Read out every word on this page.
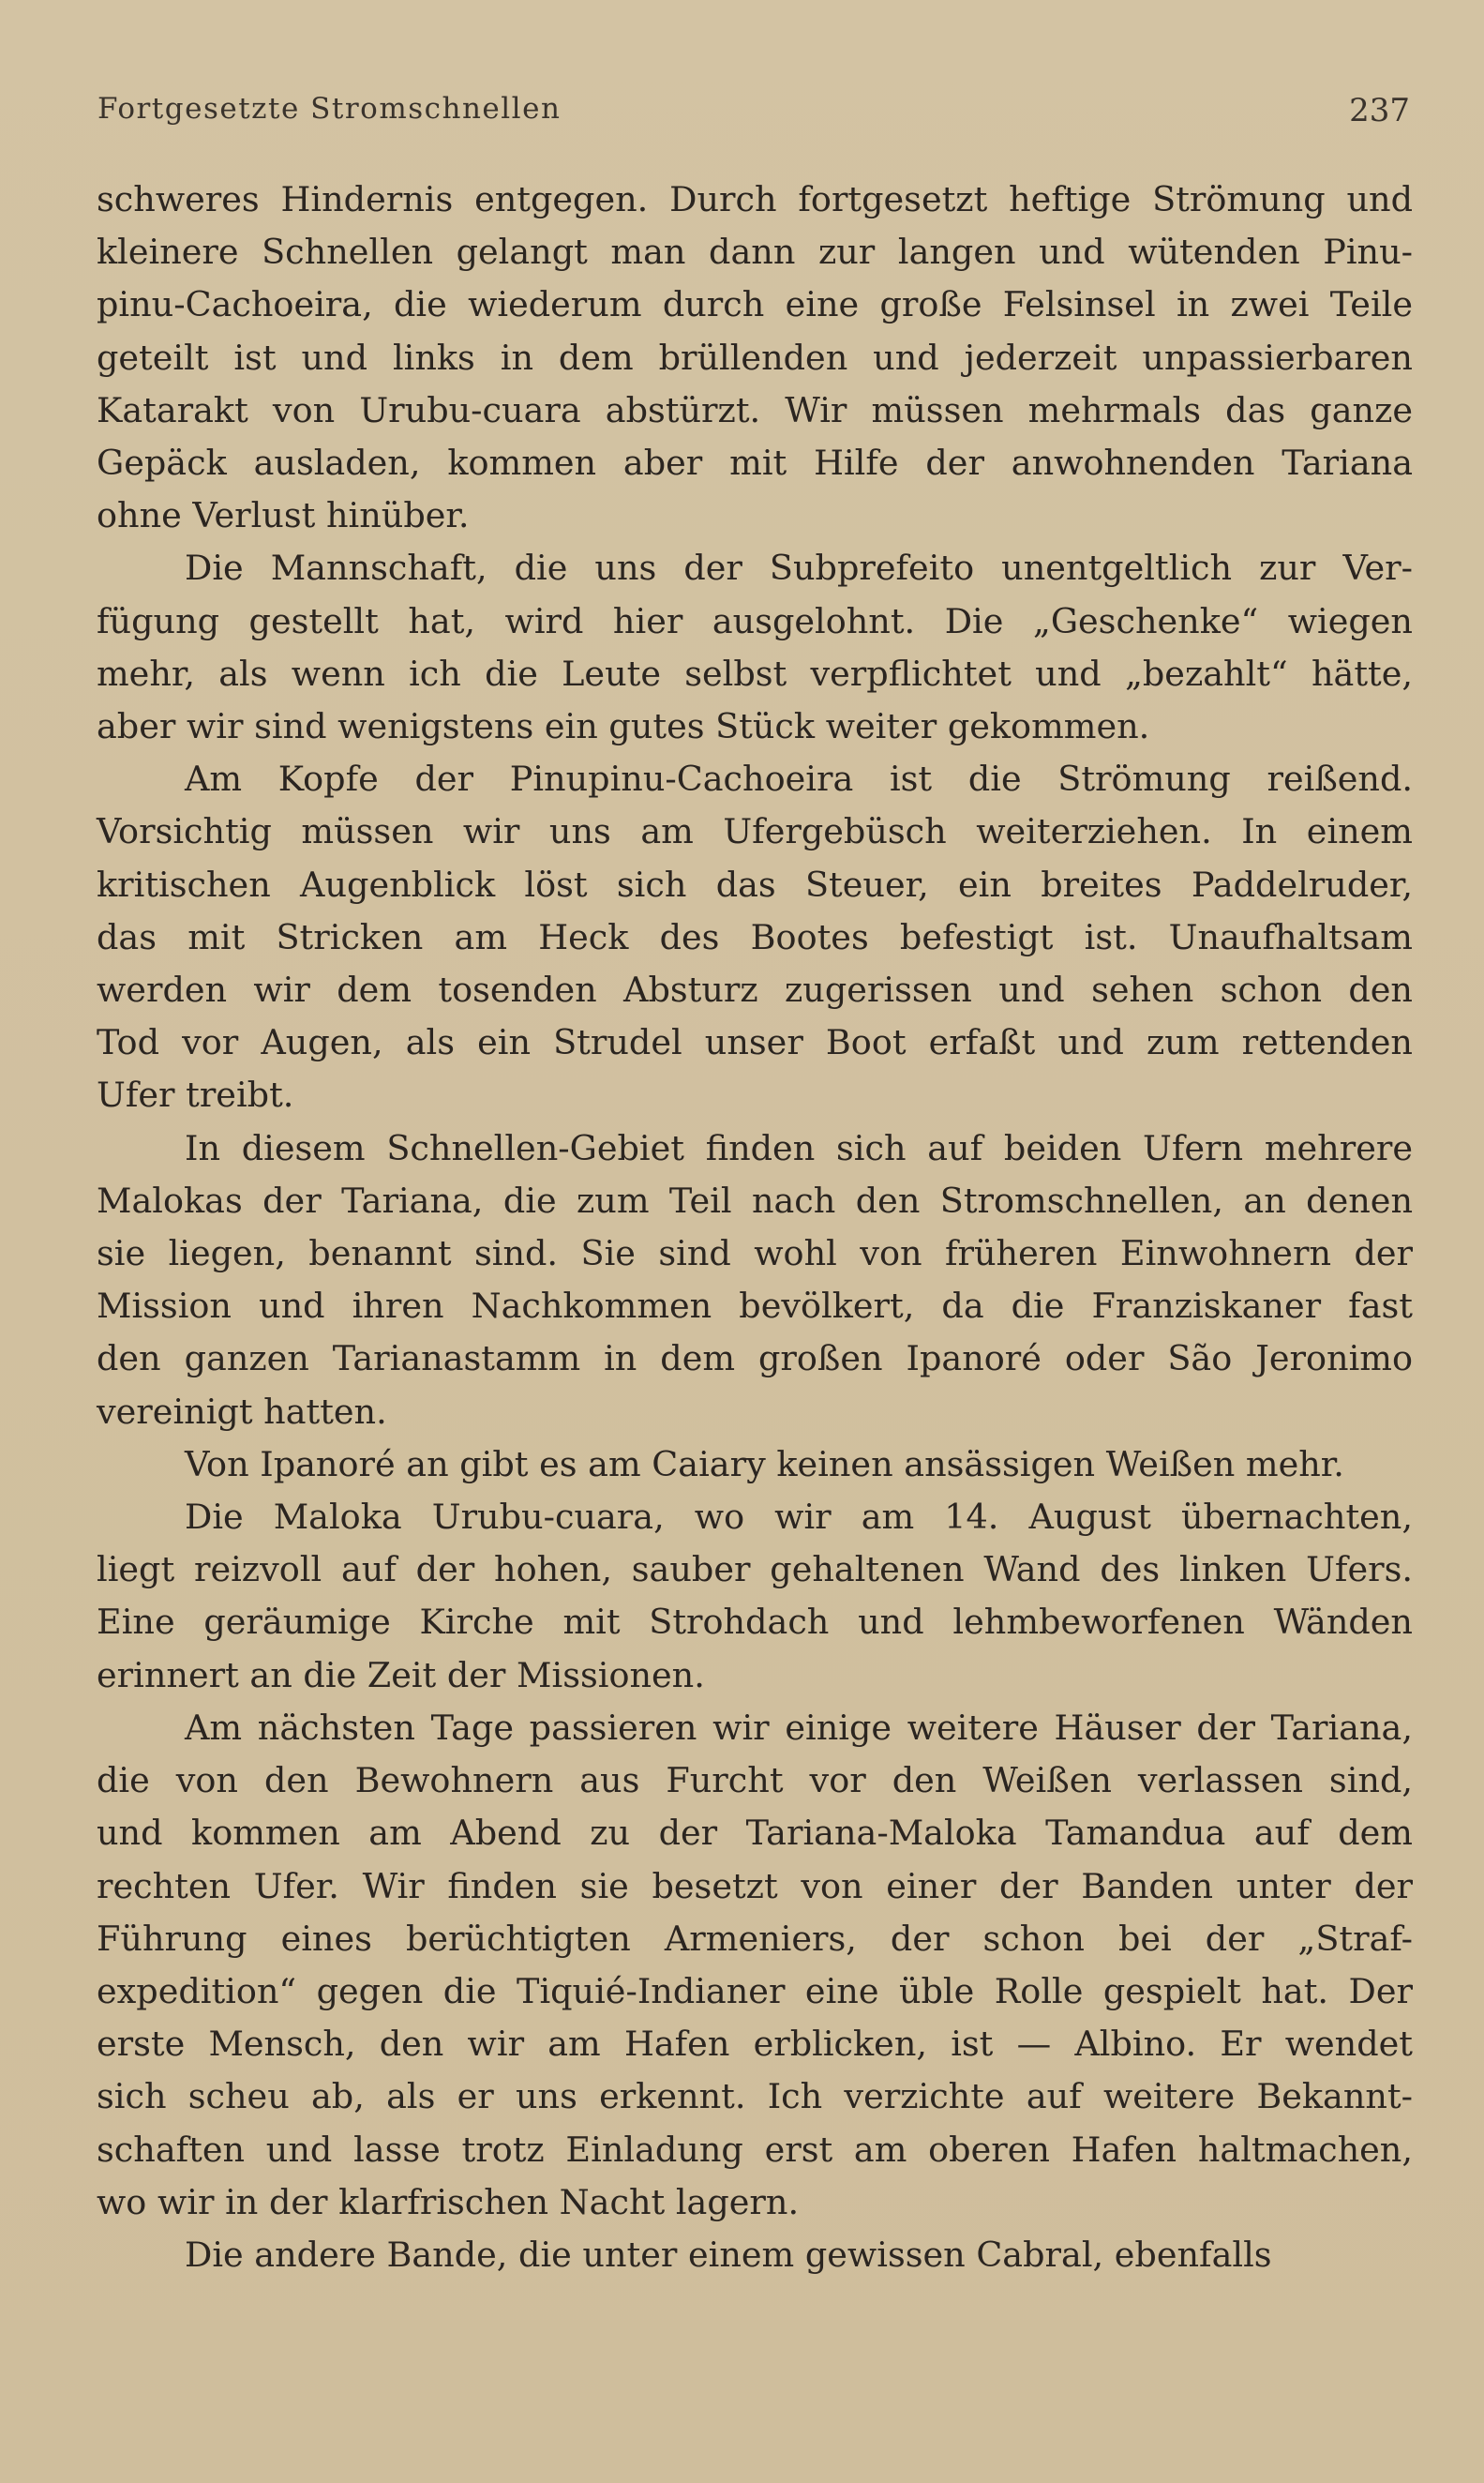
Fortgesetzte Stromschnellen	237

schweres Hindernis entgegen. Durch fortgesetzt heftige Strömung und

kleinere Schnellen gelangt man dann zur langen und wütenden Pinu-

pinu-Cachoeira, die wiederum durch eine große Felsinsel in zwei Teile

geteilt ist und links in dem brüllenden und jederzeit unpassierbaren

Katarakt von Urubu-cuara abstürzt. Wir müssen mehrmals das ganze

Gepäck ausladen, kommen aber mit Hilfe der anwohnenden Tariana

ohne Verlust hinüber.

Die Mannschaft, die uns der Subprefeito unentgeltlich zur Ver-

fügung gestellt hat, wird hier ausgelohnt. Die „Geschenke“ wiegen

mehr, als wenn ich die Leute selbst verpflichtet und „bezahlt“ hätte,

aber wir sind wenigstens ein gutes Stück weiter gekommen.

Am Kopfe der Pinupinu-Cachoeira ist die Strömung reißend.

Vorsichtig müssen wir uns am Ufergebüsch weiterziehen. In einem

kritischen Augenblick löst sich das Steuer, ein breites Paddelruder,

das mit Stricken am Heck des Bootes befestigt ist. Unaufhaltsam

werden wir dem tosenden Absturz zugerissen und sehen schon den

Tod vor Augen, als ein Strudel unser Boot erfaßt und zum rettenden

Ufer treibt.

In diesem Schnellen-Gebiet finden sich auf beiden Ufern mehrere

Malokas der Tariana, die zum Teil nach den Stromschnellen, an denen

sie liegen, benannt sind. Sie sind wohl von früheren Einwohnern der

Mission und ihren Nachkommen bevölkert, da die Franziskaner fast

den ganzen Tarianastamm in dem großen Ipanoré oder São Jeronimo

vereinigt hatten.

Von Ipanoré an gibt es am Caiary keinen ansässigen Weißen mehr.

Die Maloka Urubu-cuara, wo wir am 14. August übernachten,

liegt reizvoll auf der hohen, sauber gehaltenen Wand des linken Ufers.

Eine geräumige Kirche mit Strohdach und lehmbeworfenen Wänden

erinnert an die Zeit der Missionen.

Am nächsten Tage passieren wir einige weitere Häuser der Tariana,

die von den Bewohnern aus Furcht vor den Weißen verlassen sind,

und kommen am Abend zu der Tariana-Maloka Tamandua auf dem

rechten Ufer. Wir finden sie besetzt von einer der Banden unter der

Führung eines berüchtigten Armeniers, der schon bei der „Straf-

expedition“ gegen die Tiquié-Indianer eine üble Rolle gespielt hat. Der

erste Mensch, den wir am Hafen erblicken, ist — Albino. Er wendet

sich scheu ab, als er uns erkennt. Ich verzichte auf weitere Bekannt-

schaften und lasse trotz Einladung erst am oberen Hafen haltmachen,

wo wir in der klarfrischen Nacht lagern.

Die andere Bande, die unter einem gewissen Cabral, ebenfalls
